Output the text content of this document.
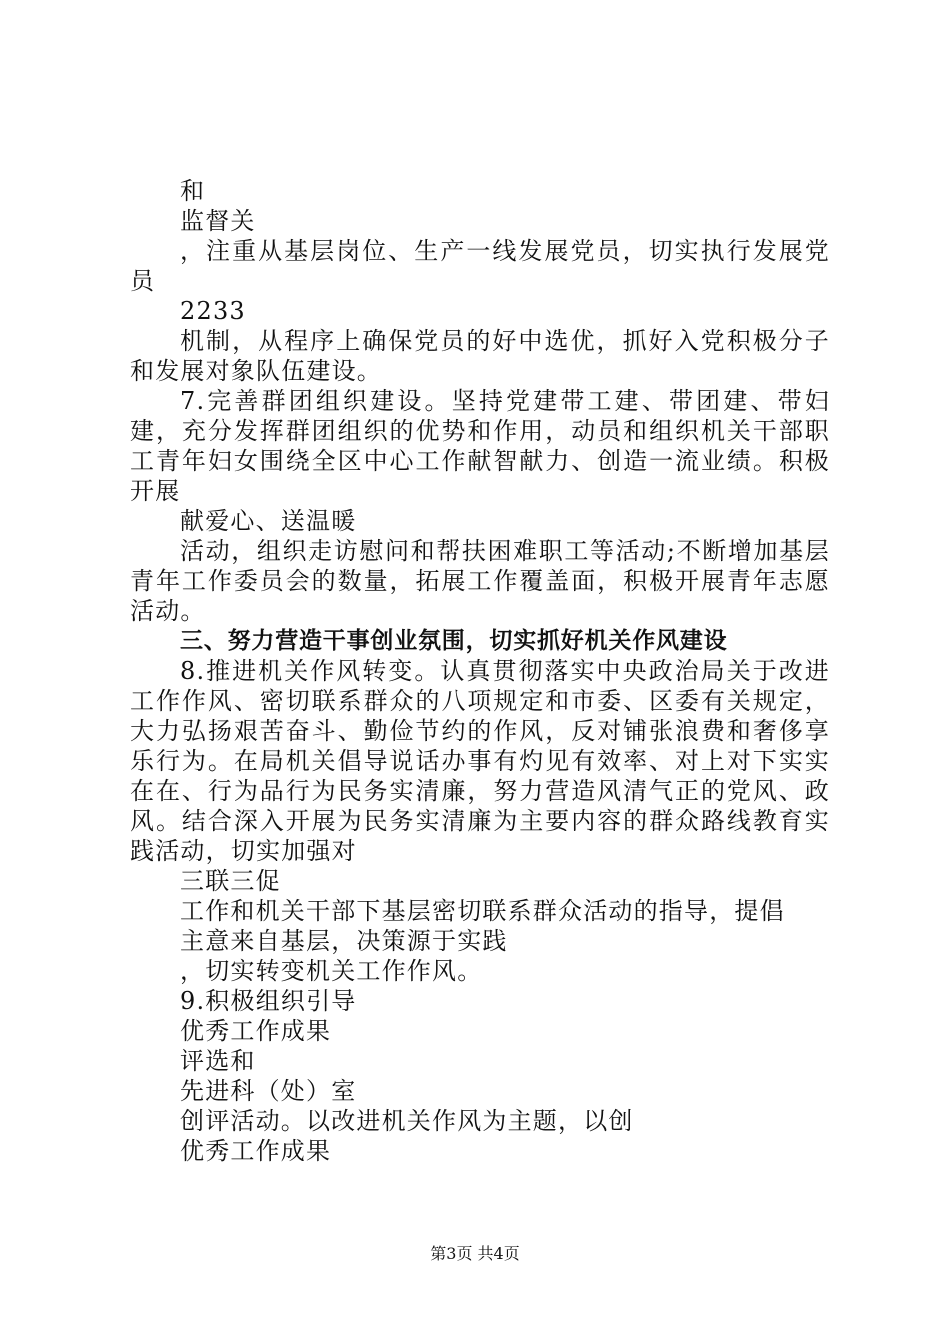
和
监督关
，注重从基层岗位、生产一线发展党员，切实执行发展党员
2233
机制，从程序上确保党员的好中选优，抓好入党积极分子和发展对象队伍建设。
7.完善群团组织建设。坚持党建带工建、带团建、带妇建，充分发挥群团组织的优势和作用，动员和组织机关干部职工青年妇女围绕全区中心工作献智献力、创造一流业绩。积极开展
献爱心、送温暖
活动，组织走访慰问和帮扶困难职工等活动;不断增加基层青年工作委员会的数量，拓展工作覆盖面，积极开展青年志愿活动。
三、努力营造干事创业氛围，切实抓好机关作风建设
8.推进机关作风转变。认真贯彻落实中央政治局关于改进工作作风、密切联系群众的八项规定和市委、区委有关规定，大力弘扬艰苦奋斗、勤俭节约的作风，反对铺张浪费和奢侈享乐行为。在局机关倡导说话办事有灼见有效率、对上对下实实在在、行为品行为民务实清廉，努力营造风清气正的党风、政风。结合深入开展为民务实清廉为主要内容的群众路线教育实践活动，切实加强对
三联三促
工作和机关干部下基层密切联系群众活动的指导，提倡
主意来自基层，决策源于实践
，切实转变机关工作作风。
9.积极组织引导
优秀工作成果
评选和
先进科（处）室
创评活动。以改进机关作风为主题，以创
优秀工作成果
第3页 共4页
